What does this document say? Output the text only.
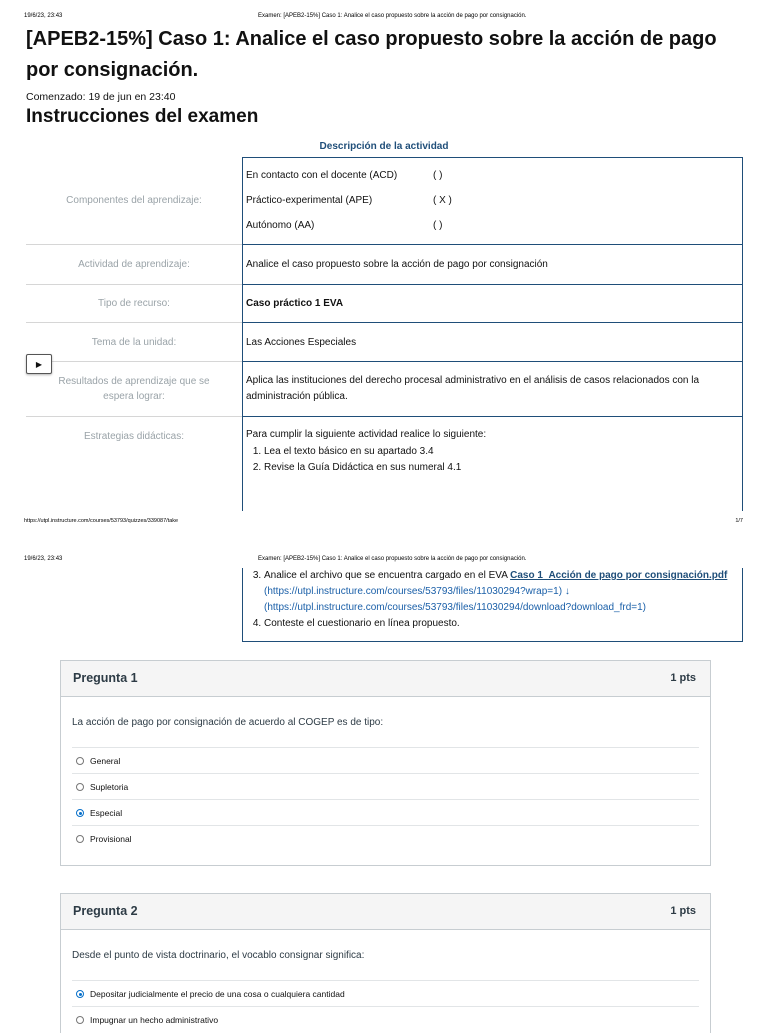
19/6/23, 23:43	Examen: [APEB2-15%] Caso 1: Analice el caso propuesto sobre la acción de pago por consignación.
[APEB2-15%] Caso 1: Analice el caso propuesto sobre la acción de pago por consignación.
Comenzado: 19 de jun en 23:40
Instrucciones del examen
Descripción de la actividad
Componentes del aprendizaje:
En contacto con el docente (ACD)	( )
Práctico-experimental (APE)	( X )
Autónomo (AA)	( )
Actividad de aprendizaje:	Analice el caso propuesto sobre la acción de pago por consignación
Tipo de recurso:	Caso práctico 1 EVA
Tema de la unidad:	Las Acciones Especiales
Resultados de aprendizaje que se espera lograr:
Aplica las instituciones del derecho procesal administrativo en el análisis de casos relacionados con la administración pública.
Estrategias didácticas:	Para cumplir la siguiente actividad realice lo siguiente:
1. Lea el texto básico en su apartado 3.4
2. Revise la Guía Didáctica en sus numeral 4.1
▶
https://utpl.instructure.com/courses/53793/quizzes/339087/take	1/7
19/6/23, 23:43	Examen: [APEB2-15%] Caso 1: Analice el caso propuesto sobre la acción de pago por consignación.
3. Analice el archivo que se encuentra cargado en el EVA Caso 1_Acción de pago por consignación.pdf (https://utpl.instructure.com/courses/53793/files/11030294?wrap=1) ↓ (https://utpl.instructure.com/courses/53793/files/11030294/download?download_frd=1)
4. Conteste el cuestionario en línea propuesto.
Pregunta 1	1 pts
La acción de pago por consignación de acuerdo al COGEP es de tipo:
General
Supletoria
Especial
Provisional
Pregunta 2	1 pts
Desde el punto de vista doctrinario, el vocablo consignar significa:
Depositar judicialmente el precio de una cosa o cualquiera cantidad
Impugnar un hecho administrativo
